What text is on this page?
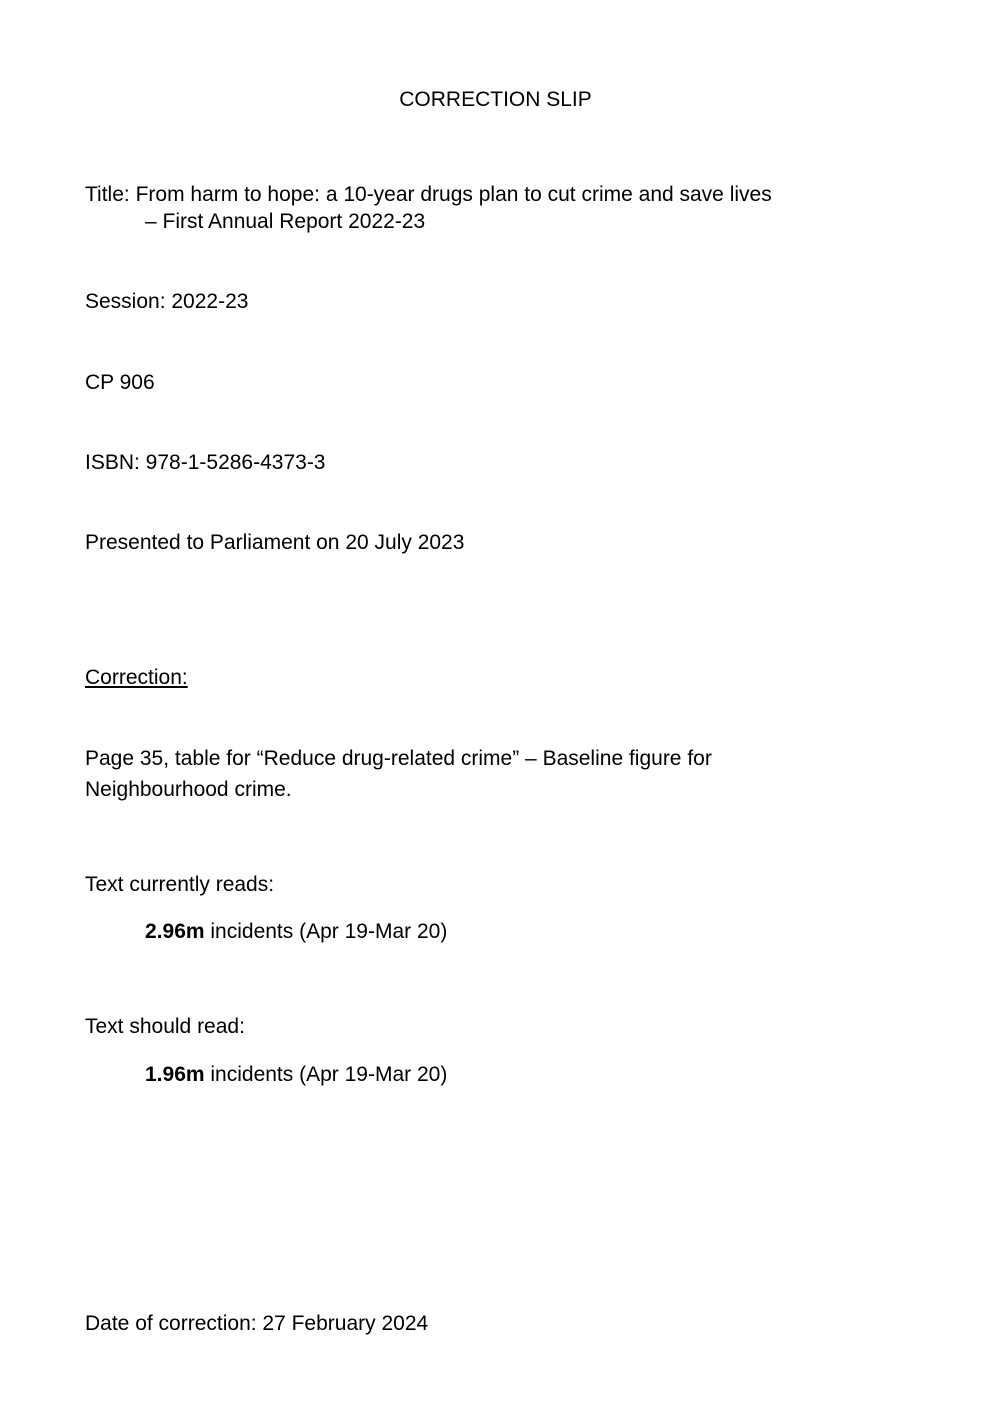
CORRECTION SLIP
Title: From harm to hope: a 10-year drugs plan to cut crime and save lives
– First Annual Report 2022-23
Session: 2022-23
CP 906
ISBN: 978-1-5286-4373-3
Presented to Parliament on 20 July 2023
Correction:
Page 35, table for “Reduce drug-related crime” – Baseline figure for
Neighbourhood crime.
Text currently reads:
2.96m incidents (Apr 19-Mar 20)
Text should read:
1.96m incidents (Apr 19-Mar 20)
Date of correction: 27 February 2024
